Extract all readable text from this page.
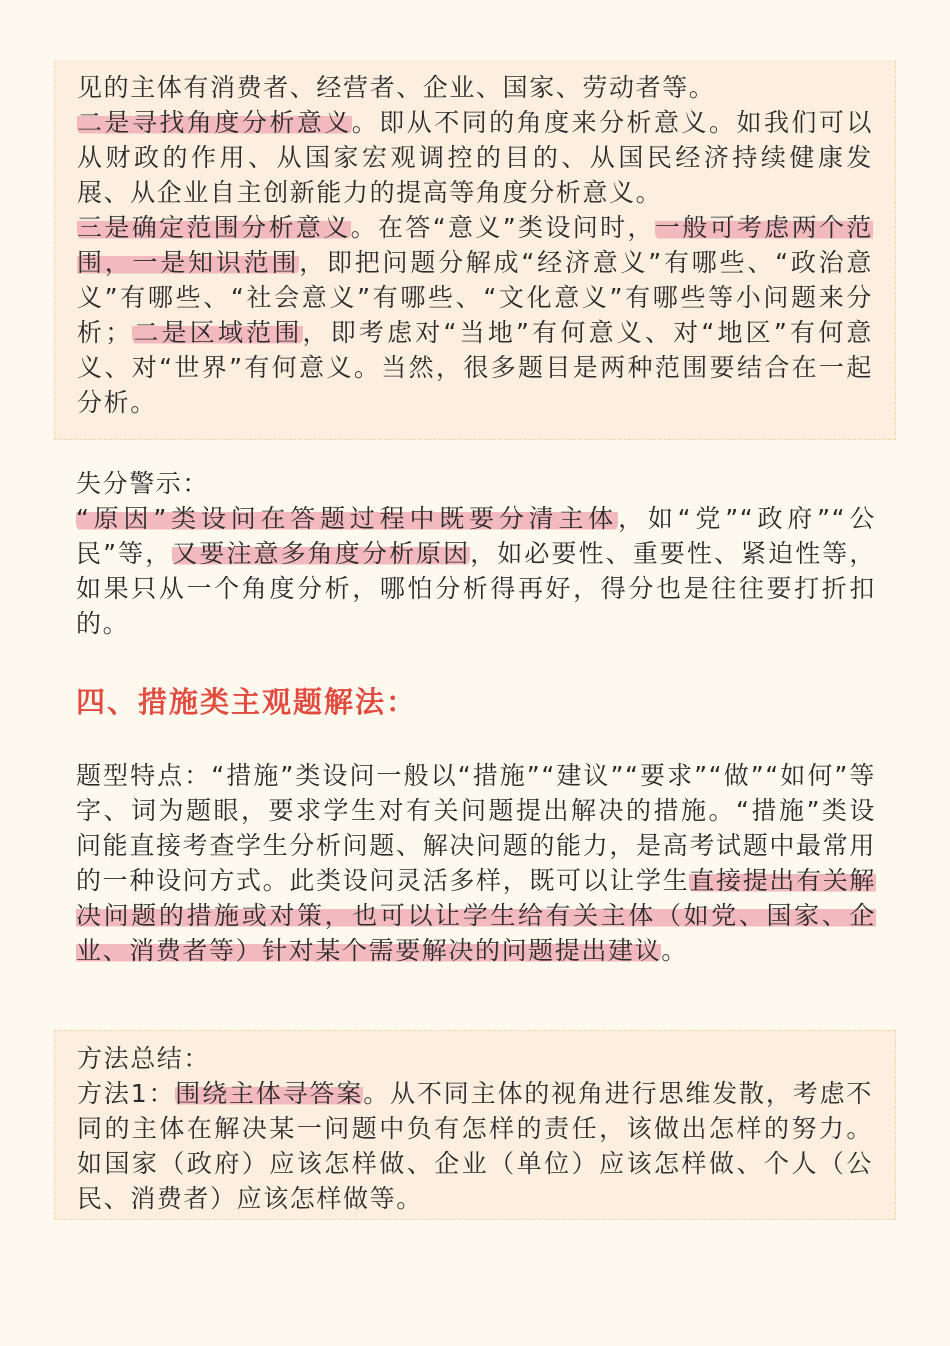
见的主体有消费者、经营者、企业、国家、劳动者等。

二是寻找角度分析意义。即从不同的角度来分析意义。如我们可以从财政的作用、从国家宏观调控的目的、从国民经济持续健康发展、从企业自主创新能力的提高等角度分析意义。

三是确定范围分析意义。在答“意义”类设问时，一般可考虑两个范围，一是知识范围，即把问题分解成“经济意义”有哪些、“政治意义”有哪些、“社会意义”有哪些、“文化意义”有哪些等小问题来分析；二是区域范围，即考虑对“当地”有何意义、对“地区”有何意义、对“世界”有何意义。当然，很多题目是两种范围要结合在一起分析。

失分警示：

“原因”类设问在答题过程中既要分清主体，如“党”“政府”“公民”等，又要注意多角度分析原因，如必要性、重要性、紧迫性等，如果只从一个角度分析，哪怕分析得再好，得分也是往往要打折扣的。

四、措施类主观题解法：

题型特点：“措施”类设问一般以“措施”“建议”“要求”“做”“如何”等字、词为题眼，要求学生对有关问题提出解决的措施。“措施”类设问能直接考查学生分析问题、解决问题的能力，是高考试题中最常用的一种设问方式。此类设问灵活多样，既可以让学生直接提出有关解决问题的措施或对策，也可以让学生给有关主体（如党、国家、企业、消费者等）针对某个需要解决的问题提出建议。

方法总结：

方法1：围绕主体寻答案。从不同主体的视角进行思维发散，考虑不同的主体在解决某一问题中负有怎样的责任，该做出怎样的努力。如国家（政府）应该怎样做、企业（单位）应该怎样做、个人（公民、消费者）应该怎样做等。
